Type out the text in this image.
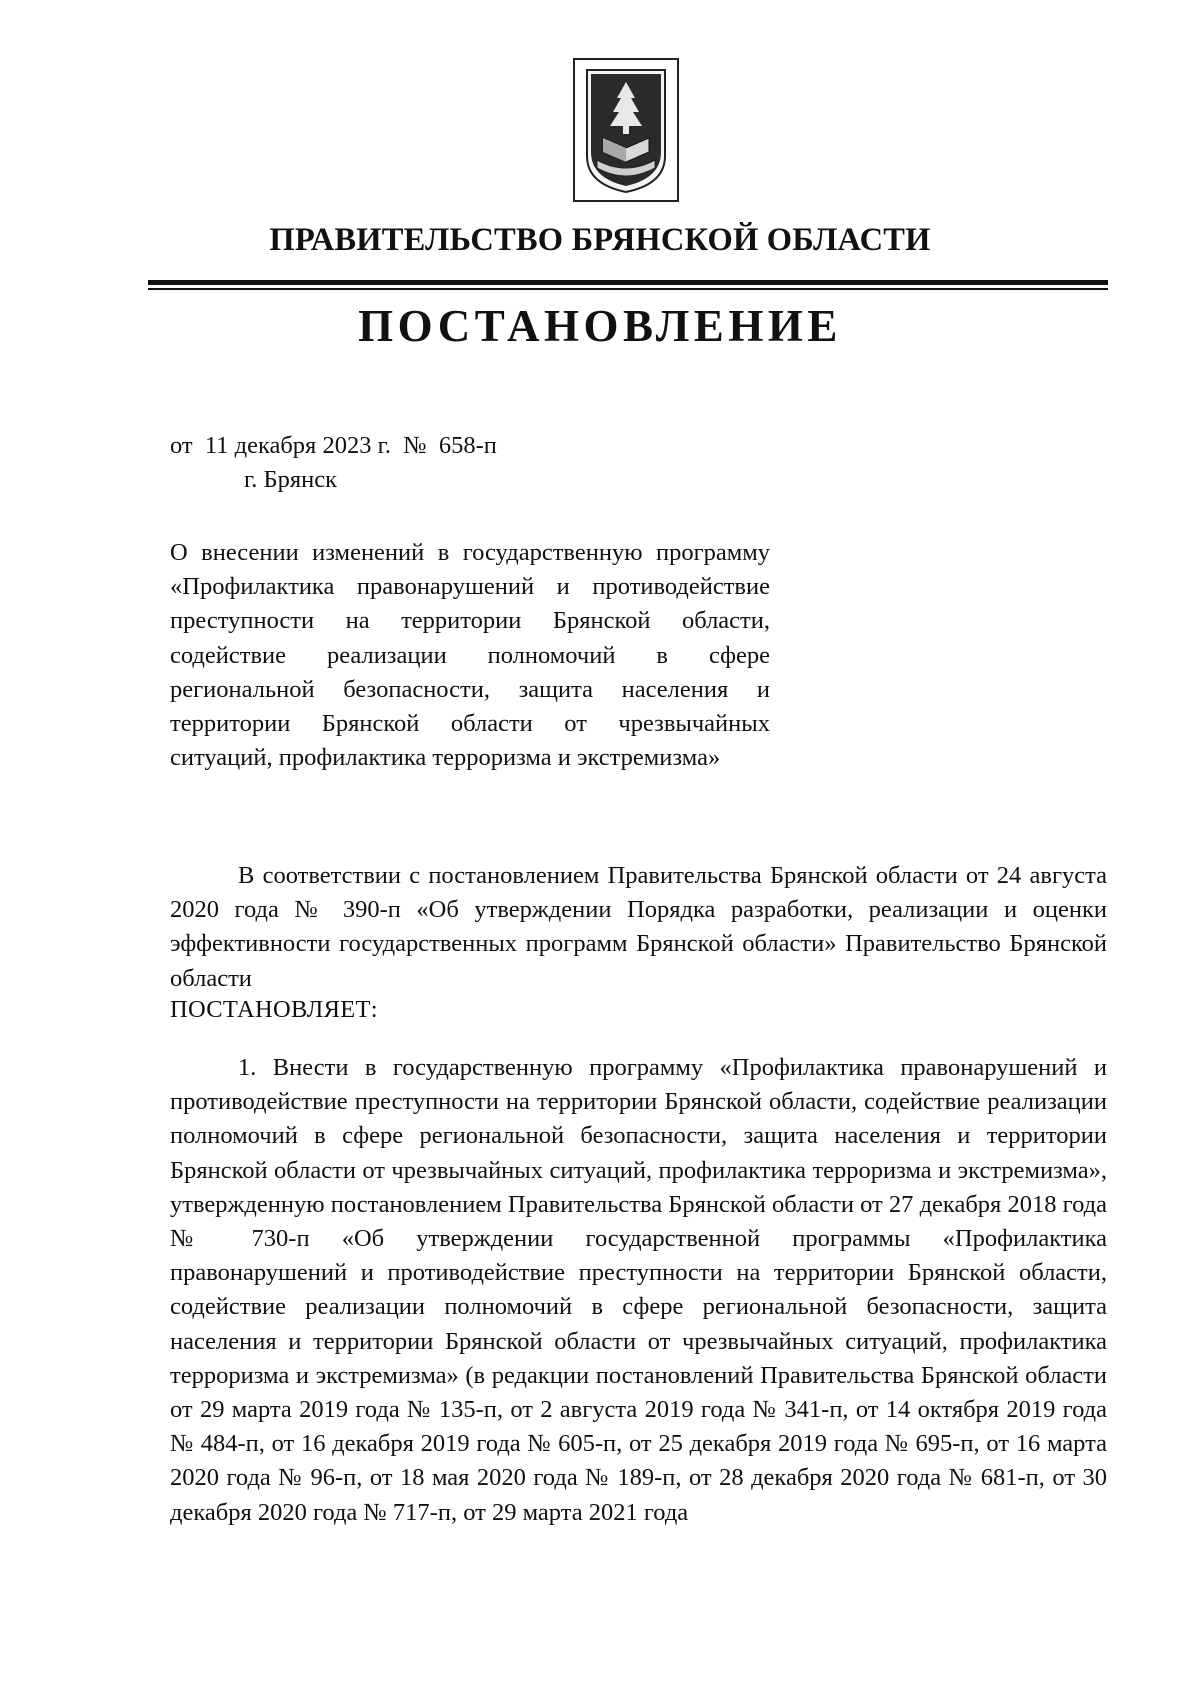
ПРАВИТЕЛЬСТВО БРЯНСКОЙ ОБЛАСТИ
ПОСТАНОВЛЕНИЕ
от  11 декабря 2023 г.  №  658-п
г. Брянск
О внесении изменений в государственную программу «Профилактика правонарушений и противодействие преступности на территории Брянской области, содействие реализации полномочий в сфере региональной безопасности, защита населения и территории Брянской области от чрезвычайных ситуаций, профилактика терроризма и экстремизма»
В соответствии с постановлением Правительства Брянской области от 24 августа 2020 года № 390-п «Об утверждении Порядка разработки, реализации и оценки эффективности государственных программ Брянской области» Правительство Брянской области
ПОСТАНОВЛЯЕТ:
1. Внести в государственную программу «Профилактика правонарушений и противодействие преступности на территории Брянской области, содействие реализации полномочий в сфере региональной безопасности, защита населения и территории Брянской области от чрезвычайных ситуаций, профилактика терроризма и экстремизма», утвержденную постановлением Правительства Брянской области от 27 декабря 2018 года № 730-п «Об утверждении государственной программы «Профилактика правонарушений и противодействие преступности на территории Брянской области, содействие реализации полномочий в сфере региональной безопасности, защита населения и территории Брянской области от чрезвычайных ситуаций, профилактика терроризма и экстремизма» (в редакции постановлений Правительства Брянской области от 29 марта 2019 года № 135-п, от 2 августа 2019 года № 341-п, от 14 октября 2019 года № 484-п, от 16 декабря 2019 года № 605-п, от 25 декабря 2019 года № 695-п, от 16 марта 2020 года № 96-п, от 18 мая 2020 года № 189-п, от 28 декабря 2020 года № 681-п, от 30 декабря 2020 года № 717-п, от 29 марта 2021 года
